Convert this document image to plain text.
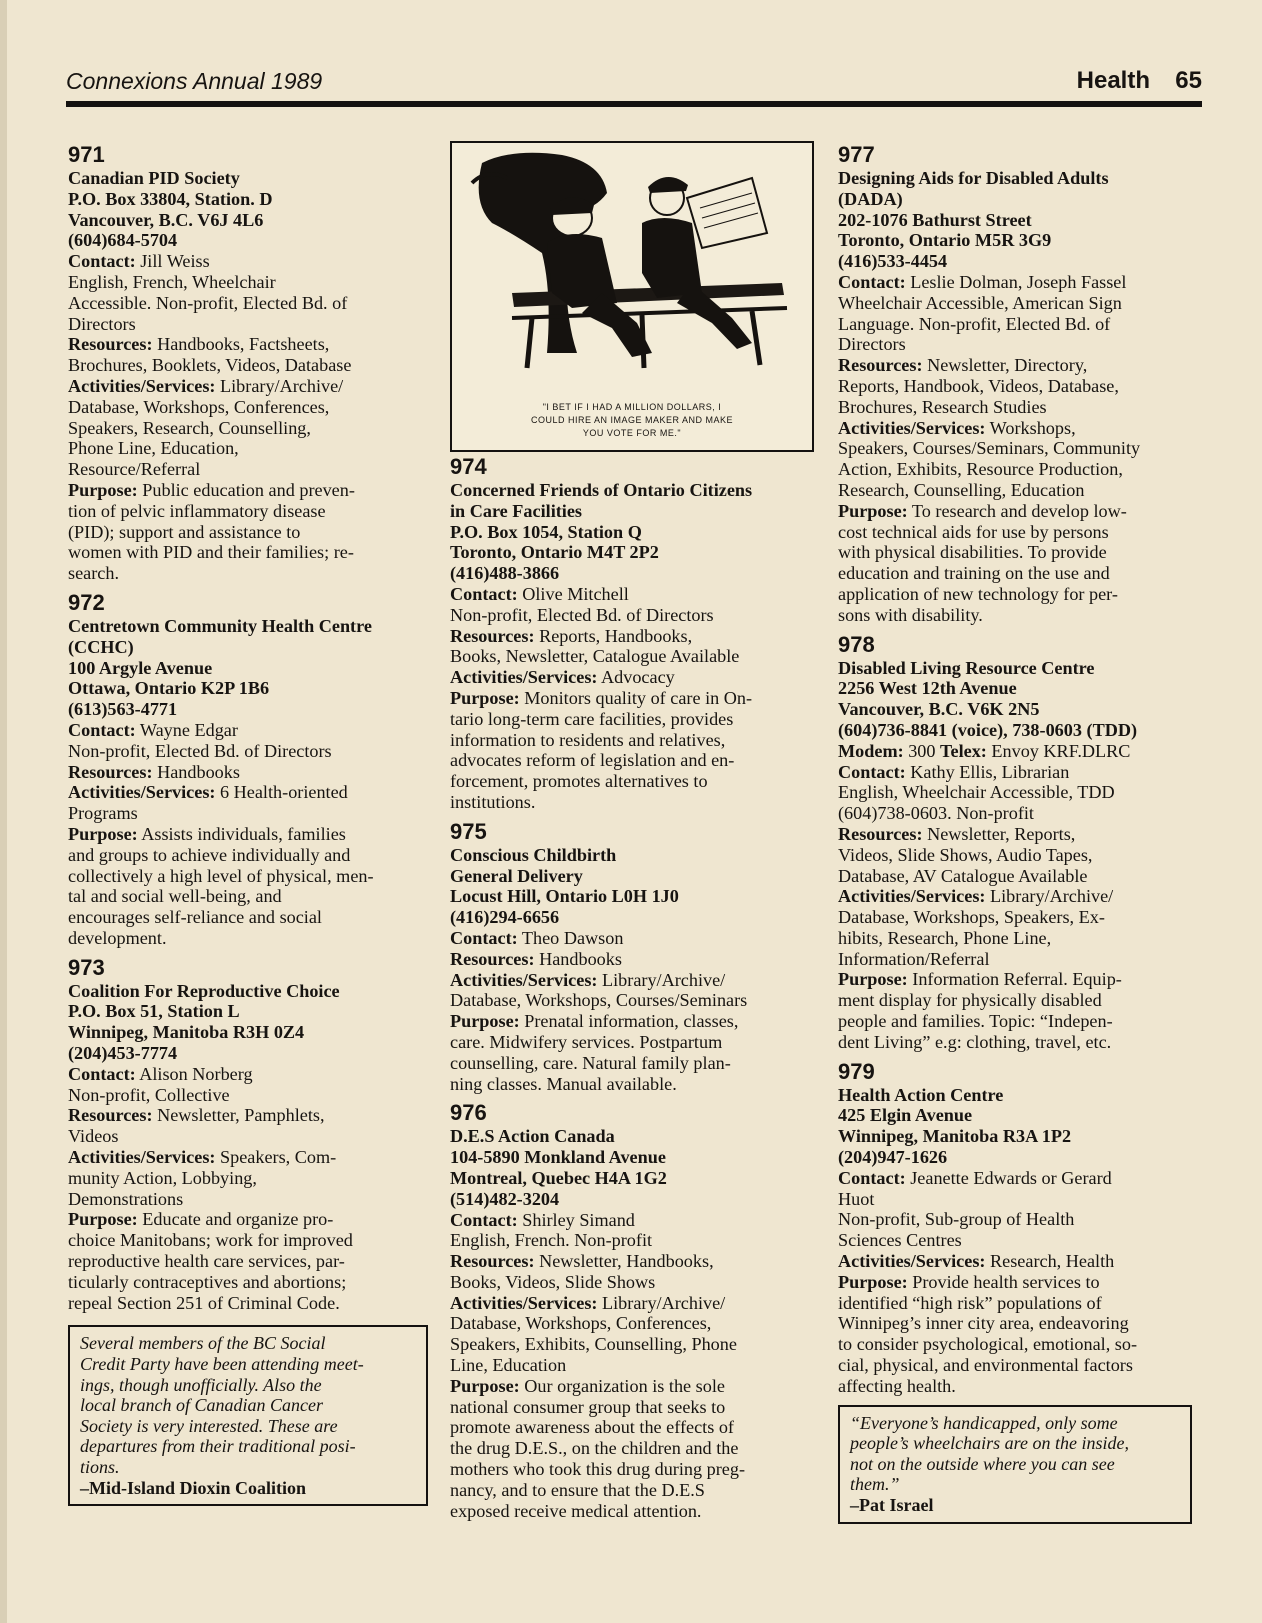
Connexions Annual 1989	Health 65
971
Canadian PID Society
P.O. Box 33804, Station. D
Vancouver, B.C. V6J 4L6
(604)684-5704
Contact: Jill Weiss
English, French, Wheelchair
Accessible. Non-profit, Elected Bd. of
Directors
Resources: Handbooks, Factsheets,
Brochures, Booklets, Videos, Database
Activities/Services: Library/Archive/
Database, Workshops, Conferences,
Speakers, Research, Counselling,
Phone Line, Education,
Resource/Referral
Purpose: Public education and preven-
tion of pelvic inflammatory disease
(PID); support and assistance to
women with PID and their families; re-
search.
972
Centretown Community Health Centre
(CCHC)
100 Argyle Avenue
Ottawa, Ontario K2P 1B6
(613)563-4771
Contact: Wayne Edgar
Non-profit, Elected Bd. of Directors
Resources: Handbooks
Activities/Services: 6 Health-oriented
Programs
Purpose: Assists individuals, families
and groups to achieve individually and
collectively a high level of physical, men-
tal and social well-being, and
encourages self-reliance and social
development.
973
Coalition For Reproductive Choice
P.O. Box 51, Station L
Winnipeg, Manitoba R3H 0Z4
(204)453-7774
Contact: Alison Norberg
Non-profit, Collective
Resources: Newsletter, Pamphlets,
Videos
Activities/Services: Speakers, Com-
munity Action, Lobbying,
Demonstrations
Purpose: Educate and organize pro-
choice Manitobans; work for improved
reproductive health care services, par-
ticularly contraceptives and abortions;
repeal Section 251 of Criminal Code.
Several members of the BC Social
Credit Party have been attending meet-
ings, though unofficially. Also the
local branch of Canadian Cancer
Society is very interested. These are
departures from their traditional posi-
tions.
–Mid-Island Dioxin Coalition
"I BET IF I HAD A MILLION DOLLARS, I
COULD HIRE AN IMAGE MAKER AND MAKE
YOU VOTE FOR ME."
974
Concerned Friends of Ontario Citizens
in Care Facilities
P.O. Box 1054, Station Q
Toronto, Ontario M4T 2P2
(416)488-3866
Contact: Olive Mitchell
Non-profit, Elected Bd. of Directors
Resources: Reports, Handbooks,
Books, Newsletter, Catalogue Available
Activities/Services: Advocacy
Purpose: Monitors quality of care in On-
tario long-term care facilities, provides
information to residents and relatives,
advocates reform of legislation and en-
forcement, promotes alternatives to
institutions.
975
Conscious Childbirth
General Delivery
Locust Hill, Ontario L0H 1J0
(416)294-6656
Contact: Theo Dawson
Resources: Handbooks
Activities/Services: Library/Archive/
Database, Workshops, Courses/Seminars
Purpose: Prenatal information, classes,
care. Midwifery services. Postpartum
counselling, care. Natural family plan-
ning classes. Manual available.
976
D.E.S Action Canada
104-5890 Monkland Avenue
Montreal, Quebec H4A 1G2
(514)482-3204
Contact: Shirley Simand
English, French. Non-profit
Resources: Newsletter, Handbooks,
Books, Videos, Slide Shows
Activities/Services: Library/Archive/
Database, Workshops, Conferences,
Speakers, Exhibits, Counselling, Phone
Line, Education
Purpose: Our organization is the sole
national consumer group that seeks to
promote awareness about the effects of
the drug D.E.S., on the children and the
mothers who took this drug during preg-
nancy, and to ensure that the D.E.S
exposed receive medical attention.
977
Designing Aids for Disabled Adults
(DADA)
202-1076 Bathurst Street
Toronto, Ontario M5R 3G9
(416)533-4454
Contact: Leslie Dolman, Joseph Fassel
Wheelchair Accessible, American Sign
Language. Non-profit, Elected Bd. of
Directors
Resources: Newsletter, Directory,
Reports, Handbook, Videos, Database,
Brochures, Research Studies
Activities/Services: Workshops,
Speakers, Courses/Seminars, Community
Action, Exhibits, Resource Production,
Research, Counselling, Education
Purpose: To research and develop low-
cost technical aids for use by persons
with physical disabilities. To provide
education and training on the use and
application of new technology for per-
sons with disability.
978
Disabled Living Resource Centre
2256 West 12th Avenue
Vancouver, B.C. V6K 2N5
(604)736-8841 (voice), 738-0603 (TDD)
Modem: 300 Telex: Envoy KRF.DLRC
Contact: Kathy Ellis, Librarian
English, Wheelchair Accessible, TDD
(604)738-0603. Non-profit
Resources: Newsletter, Reports,
Videos, Slide Shows, Audio Tapes,
Database, AV Catalogue Available
Activities/Services: Library/Archive/
Database, Workshops, Speakers, Ex-
hibits, Research, Phone Line,
Information/Referral
Purpose: Information Referral. Equip-
ment display for physically disabled
people and families. Topic: “Indepen-
dent Living” e.g: clothing, travel, etc.
979
Health Action Centre
425 Elgin Avenue
Winnipeg, Manitoba R3A 1P2
(204)947-1626
Contact: Jeanette Edwards or Gerard
Huot
Non-profit, Sub-group of Health
Sciences Centres
Activities/Services: Research, Health
Purpose: Provide health services to
identified “high risk” populations of
Winnipeg’s inner city area, endeavoring
to consider psychological, emotional, so-
cial, physical, and environmental factors
affecting health.
“Everyone’s handicapped, only some
people’s wheelchairs are on the inside,
not on the outside where you can see
them.”
–Pat Israel
